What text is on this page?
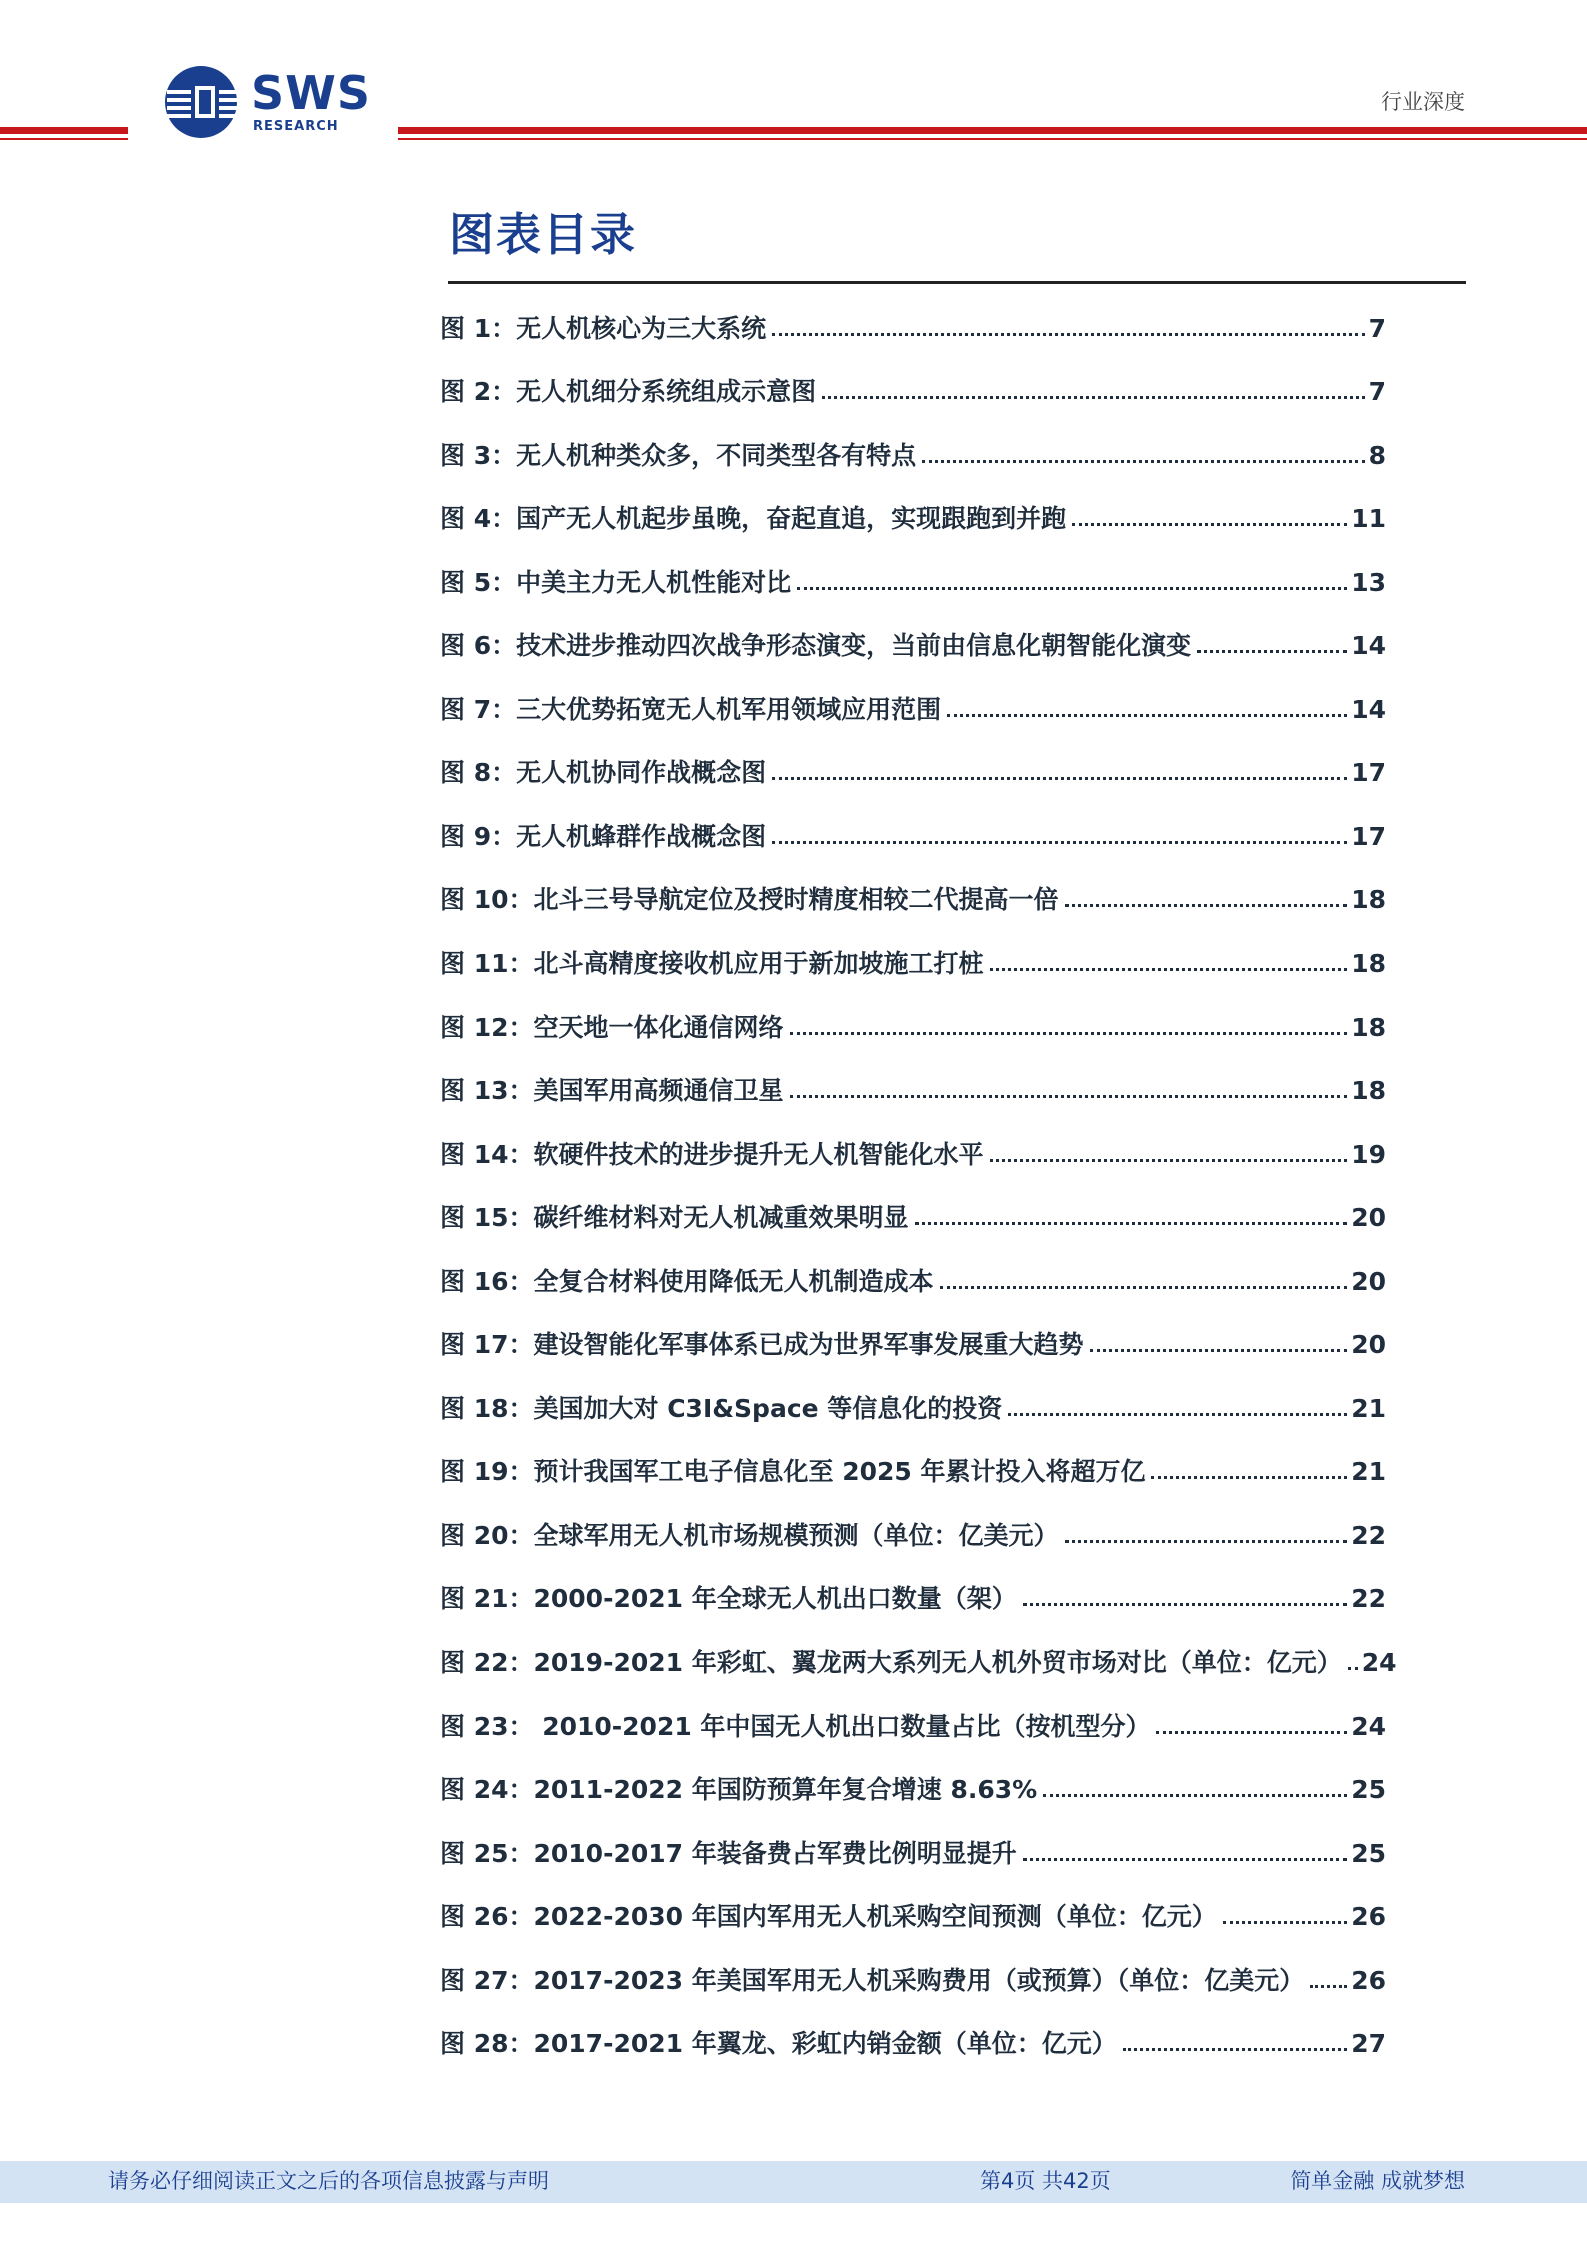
SWS
RESEARCH
行业深度
图表目录
图 1：无人机核心为三大系统	7
图 2：无人机细分系统组成示意图	7
图 3：无人机种类众多，不同类型各有特点	8
图 4：国产无人机起步虽晚，奋起直追，实现跟跑到并跑	11
图 5：中美主力无人机性能对比	13
图 6：技术进步推动四次战争形态演变，当前由信息化朝智能化演变	14
图 7：三大优势拓宽无人机军用领域应用范围	14
图 8：无人机协同作战概念图	17
图 9：无人机蜂群作战概念图	17
图 10：北斗三号导航定位及授时精度相较二代提高一倍	18
图 11：北斗高精度接收机应用于新加坡施工打桩	18
图 12：空天地一体化通信网络	18
图 13：美国军用高频通信卫星	18
图 14：软硬件技术的进步提升无人机智能化水平	19
图 15：碳纤维材料对无人机减重效果明显	20
图 16：全复合材料使用降低无人机制造成本	20
图 17：建设智能化军事体系已成为世界军事发展重大趋势	20
图 18：美国加大对 C3I&Space 等信息化的投资	21
图 19：预计我国军工电子信息化至 2025 年累计投入将超万亿	21
图 20：全球军用无人机市场规模预测（单位：亿美元）	22
图 21：2000-2021 年全球无人机出口数量（架）	22
图 22：2019-2021 年彩虹、翼龙两大系列无人机外贸市场对比（单位：亿元） 24
图 23： 2010-2021 年中国无人机出口数量占比（按机型分）	24
图 24：2011-2022 年国防预算年复合增速 8.63%	25
图 25：2010-2017 年装备费占军费比例明显提升	25
图 26：2022-2030 年国内军用无人机采购空间预测（单位：亿元）	26
图 27：2017-2023 年美国军用无人机采购费用（或预算）（单位：亿美元） 26
图 28：2017-2021 年翼龙、彩虹内销金额（单位：亿元）	27
请务必仔细阅读正文之后的各项信息披露与声明	第4页 共42页	简单金融 成就梦想
